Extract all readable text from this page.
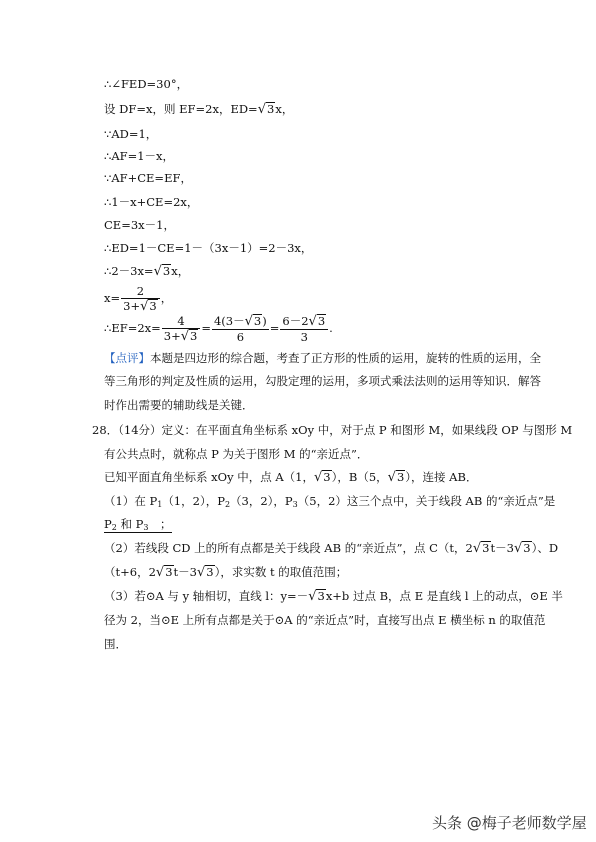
∴∠FED=30°，
设 DF=x，则 EF=2x，ED=√3x，
∵AD=1，
∴AF=1－x，
∵AF+CE=EF，
∴1－x+CE=2x，
CE=3x－1，
∴ED=1－CE=1－（3x－1）=2－3x，
∴2－3x=√3x，
$x= \frac{2}{3+√3}$ ，
∴EF=2x= $\frac{4}{3+√3} = \frac{4(3-√3)}{6} = \frac{6-2√3}{3}$ .
【点评】本题是四边形的综合题，考查了正方形的性质的运用，旋转的性质的运用，全
等三角形的判定及性质的运用，勾股定理的运用，多项式乘法法则的运用等知识．解答
时作出需要的辅助线是关键．
28．（14分）定义：在平面直角坐标系 xOy 中，对于点 P 和图形 M，如果线段 OP 与图形 M
有公共点时，就称点 P 为关于图形 M 的“亲近点”．
已知平面直角坐标系 xOy 中，点 A（1，√3），B（5，√3），连接 AB．
（1）在 $P_1(1$，2），$P_2(3$，2），$P_3(5$，2）这三个点中，关于线段 AB 的“亲近点”是
$P_2$ 和 $P_3$　；
（2）若线段 CD 上的所有点都是关于线段 AB 的“亲近点”，点 C（t，2√3t－3√3）、D
（t+6，2√3t－3√3），求实数 t 的取值范围；
（3）若⊙A 与 y 轴相切，直线 l：y=－√3x+b 过点 B，点 E 是直线 l 上的动点，⊙E 半
径为 2，当⊙E 上所有点都是关于⊙A 的“亲近点”时，直接写出点 E 横坐标 n 的取值范
围．
头条 @梅子老师数学屋
